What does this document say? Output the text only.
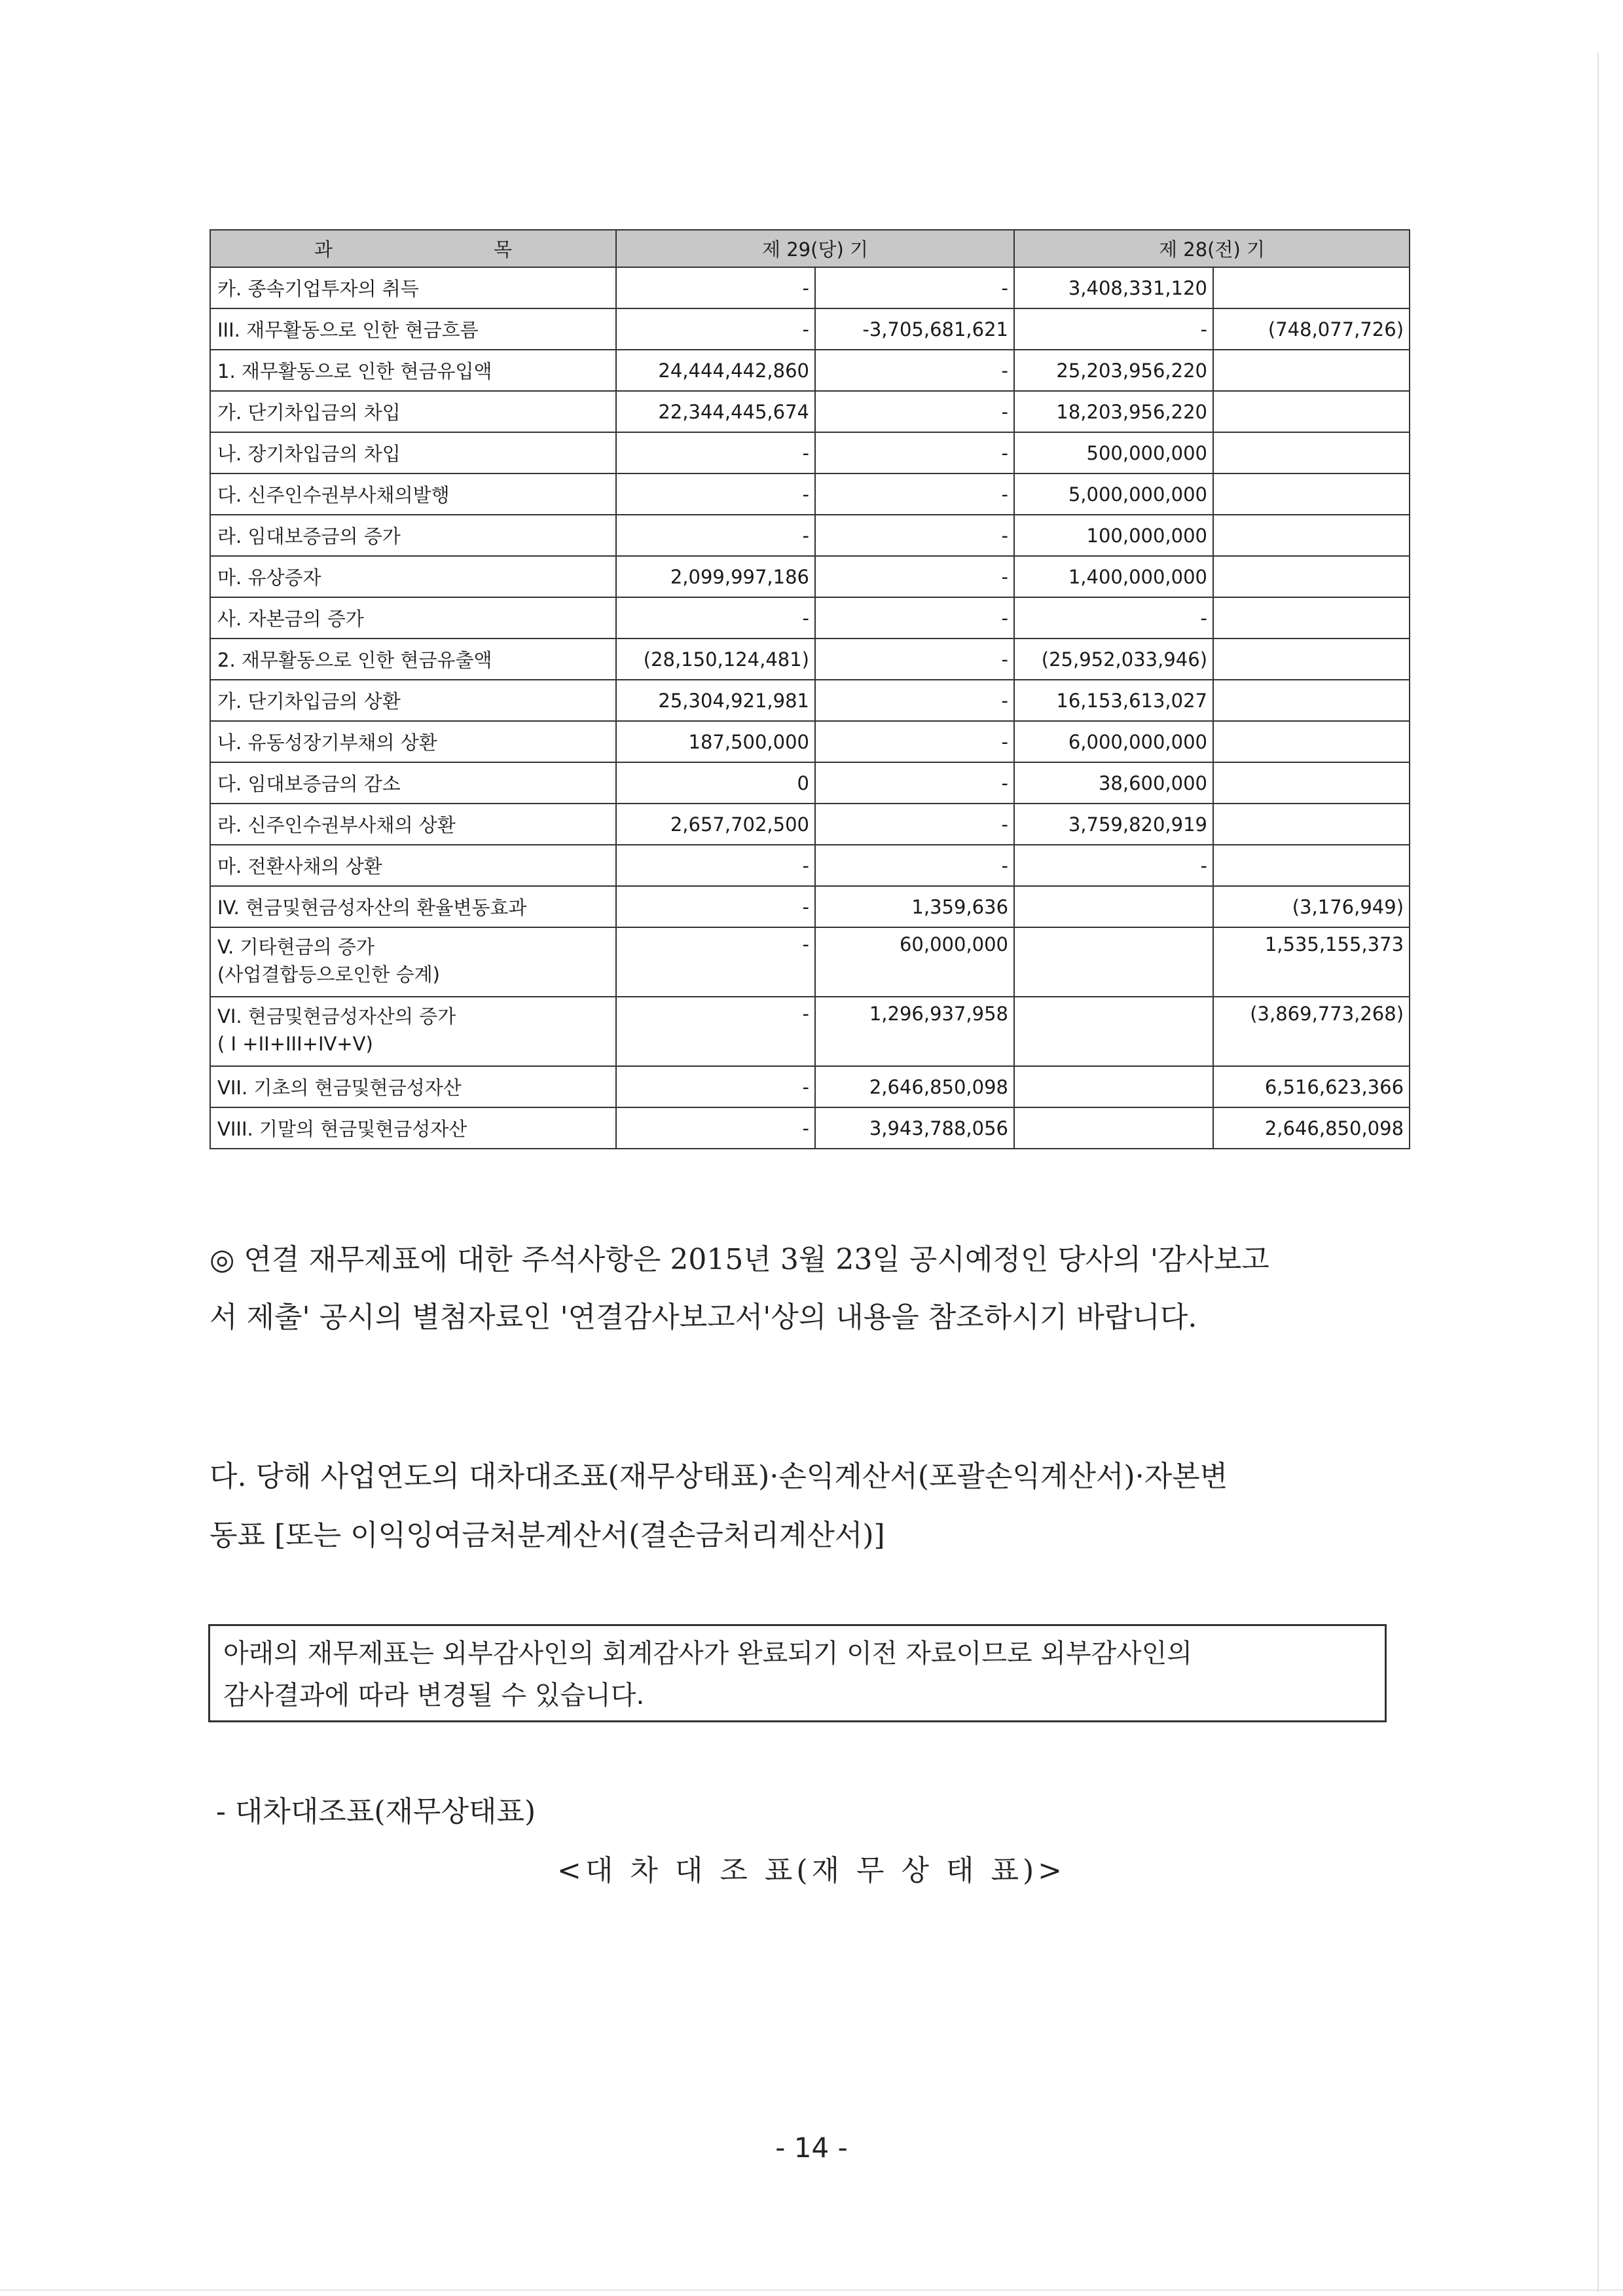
과 목	제 29(당) 기		제 28(전) 기	

카. 종속기업투자의 취득	-	-	3,408,331,120	

III. 재무활동으로 인한 현금흐름	-	-3,705,681,621	-	(748,077,726)

1. 재무활동으로 인한 현금유입액	24,444,442,860	-	25,203,956,220	

가. 단기차입금의 차입	22,344,445,674	-	18,203,956,220	

나. 장기차입금의 차입	-	-	500,000,000	

다. 신주인수권부사채의발행	-	-	5,000,000,000	

라. 임대보증금의 증가	-	-	100,000,000	

마. 유상증자	2,099,997,186	-	1,400,000,000	

사. 자본금의 증가	-	-	-	

2. 재무활동으로 인한 현금유출액	(28,150,124,481)	-	(25,952,033,946)	

가. 단기차입금의 상환	25,304,921,981	-	16,153,613,027	

나. 유동성장기부채의 상환	187,500,000	-	6,000,000,000	

다. 임대보증금의 감소	0	-	38,600,000	

라. 신주인수권부사채의 상환	2,657,702,500	-	3,759,820,919	

마. 전환사채의 상환	-	-	-	

IV. 현금및현금성자산의 환율변동효과	-	1,359,636		(3,176,949)

V. 기타현금의 증가
(사업결합등으로인한 승계)	-	60,000,000		1,535,155,373

VI. 현금및현금성자산의 증가
( I +II+III+IV+V)	-	1,296,937,958		(3,869,773,268)

VII. 기초의 현금및현금성자산	-	2,646,850,098		6,516,623,366

VIII. 기말의 현금및현금성자산	-	3,943,788,056		2,646,850,098
◎ 연결 재무제표에 대한 주석사항은 2015년 3월 23일 공시예정인 당사의 '감사보고
서 제출' 공시의 별첨자료인 '연결감사보고서'상의 내용을 참조하시기 바랍니다.
다. 당해 사업연도의 대차대조표(재무상태표)·손익계산서(포괄손익계산서)·자본변
동표 [또는 이익잉여금처분계산서(결손금처리계산서)]
아래의 재무제표는 외부감사인의 회계감사가 완료되기 이전 자료이므로 외부감사인의
감사결과에 따라 변경될 수 있습니다.
- 대차대조표(재무상태표)
<대 차 대 조 표(재 무 상 태 표)>
- 14 -
